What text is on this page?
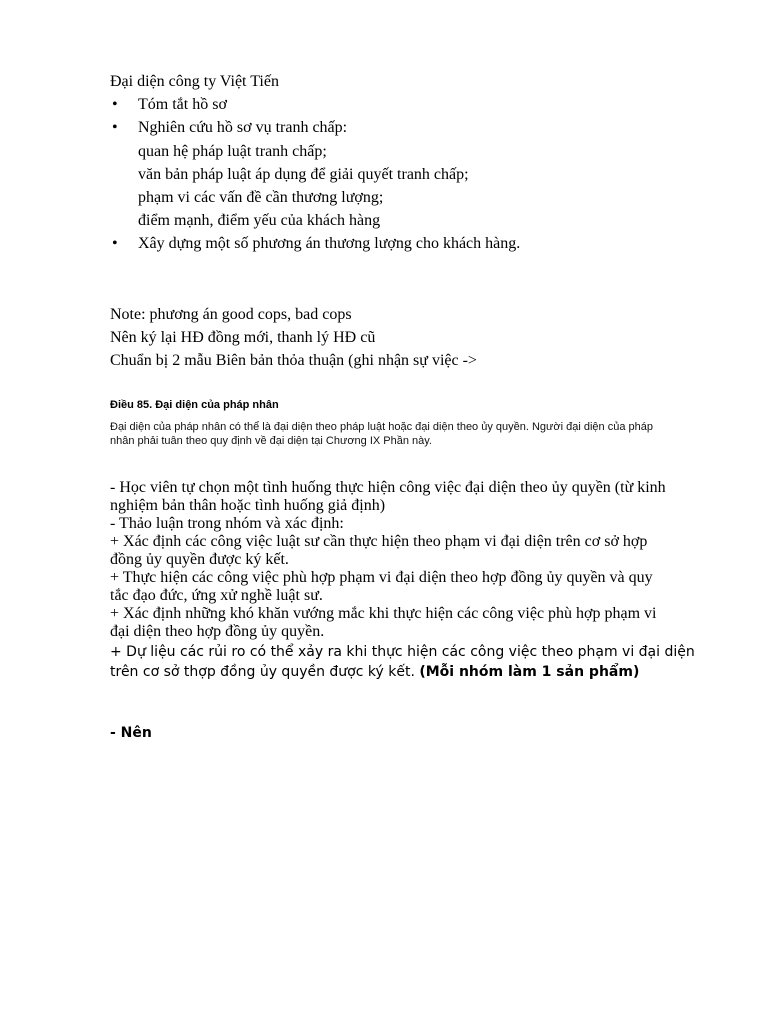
Đại diện công ty Việt Tiến
•	Tóm tắt hồ sơ
•	Nghiên cứu hồ sơ vụ tranh chấp:
quan hệ pháp luật tranh chấp;
văn bản pháp luật áp dụng để giải quyết tranh chấp;
phạm vi các vấn đề cần thương lượng;
điểm mạnh, điểm yếu của khách hàng
•	Xây dựng một số phương án thương lượng cho khách hàng.
Note: phương án good cops, bad cops
Nên ký lại HĐ đồng mới, thanh lý HĐ cũ
Chuẩn bị 2 mẫu Biên bản thỏa thuận (ghi nhận sự việc ->
Điều 85. Đại diện của pháp nhân
Đại diện của pháp nhân có thể là đại diện theo pháp luật hoặc đại diện theo ủy quyền. Người đại diện của pháp
nhân phải tuân theo quy định về đại diện tại Chương IX Phần này.
- Học viên tự chọn một tình huống thực hiện công việc đại diện theo ủy quyền (từ kinh
nghiệm bản thân hoặc tình huống giả định)
- Thảo luận trong nhóm và xác định:
+ Xác định các công việc luật sư cần thực hiện theo phạm vi đại diện trên cơ sở hợp
đồng ủy quyền được ký kết.
+ Thực hiện các công việc phù hợp phạm vi đại diện theo hợp đồng ủy quyền và quy
tắc đạo đức, ứng xử nghề luật sư.
+ Xác định những khó khăn vướng mắc khi thực hiện các công việc phù hợp phạm vi
đại diện theo hợp đồng ủy quyền.
+ Dự liệu các rủi ro có thể xảy ra khi thực hiện các công việc theo phạm vi đại diện
trên cơ sở thợp đồng ủy quyền được ký kết. (Mỗi nhóm làm 1 sản phẩm)
- Nên
